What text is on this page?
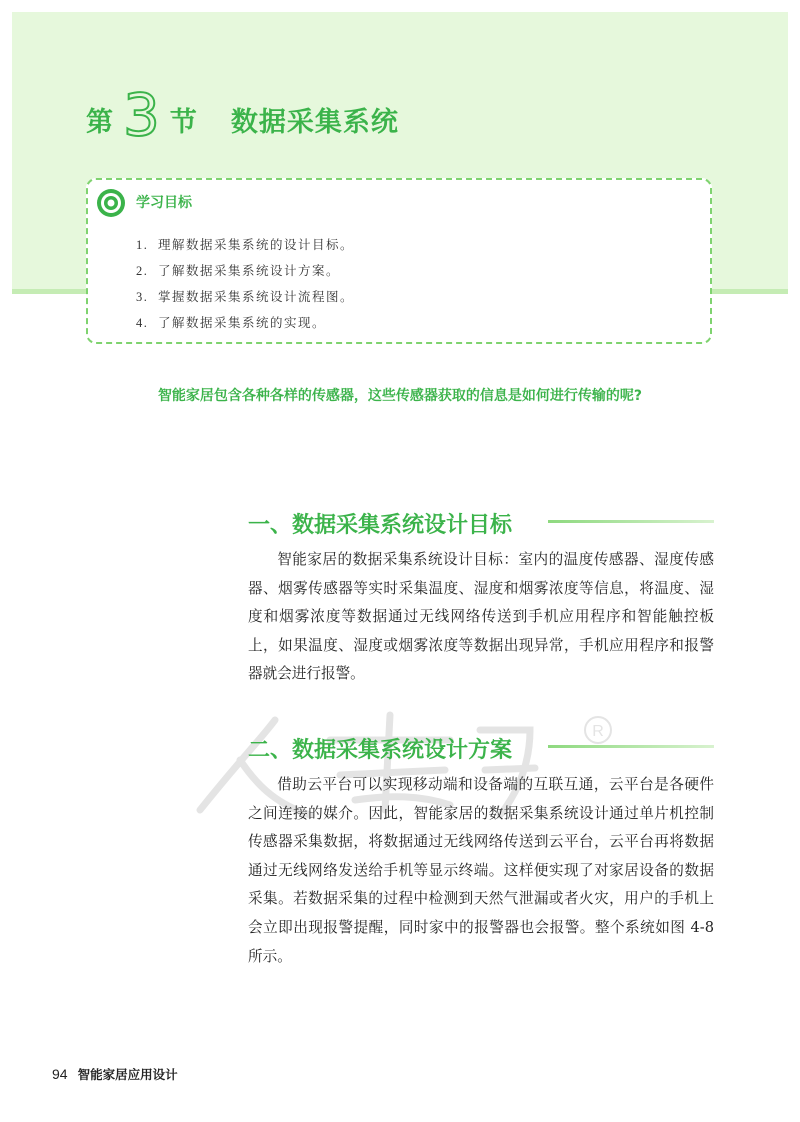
第 3 节 数据采集系统
学习目标
1. 理解数据采集系统的设计目标。
2. 了解数据采集系统设计方案。
3. 掌握数据采集系统设计流程图。
4. 了解数据采集系统的实现。
智能家居包含各种各样的传感器，这些传感器获取的信息是如何进行传输的呢?
一、数据采集系统设计目标

智能家居的数据采集系统设计目标：室内的温度传感器、湿度传感器、烟雾传感器等实时采集温度、湿度和烟雾浓度等信息，将温度、湿度和烟雾浓度等数据通过无线网络传送到手机应用程序和智能触控板上，如果温度、湿度或烟雾浓度等数据出现异常，手机应用程序和报警器就会进行报警。

R
二、数据采集系统设计方案

借助云平台可以实现移动端和设备端的互联互通，云平台是各硬件之间连接的媒介。因此，智能家居的数据采集系统设计通过单片机控制传感器采集数据，将数据通过无线网络传送到云平台，云平台再将数据通过无线网络发送给手机等显示终端。这样便实现了对家居设备的数据采集。若数据采集的过程中检测到天然气泄漏或者火灾，用户的手机上会立即出现报警提醒，同时家中的报警器也会报警。整个系统如图 4-8 所示。

94 智能家居应用设计
